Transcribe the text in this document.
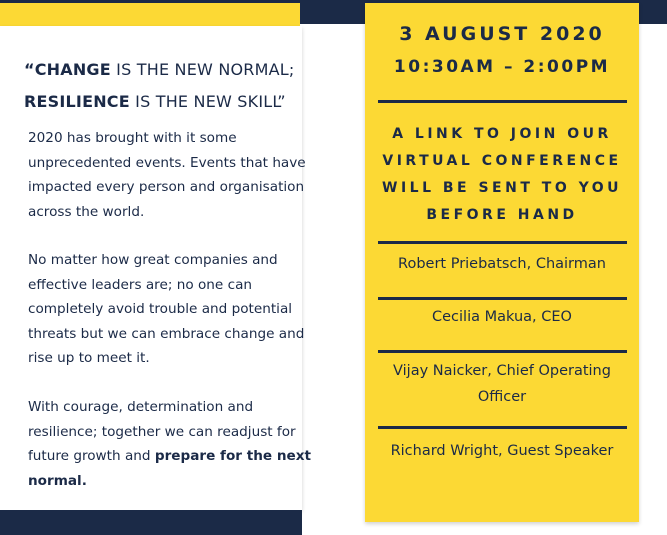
“CHANGE IS THE NEW NORMAL;
RESILIENCE IS THE NEW SKILL”
2020 has brought with it some unprecedented events. Events that have impacted every person and organisation across the world.
No matter how great companies and effective leaders are; no one can completely avoid trouble and potential threats but we can embrace change and rise up to meet it.
With courage, determination and resilience; together we can readjust for future growth and prepare for the next normal.
3 AUGUST 2020
10:30AM – 2:00PM
A LINK TO JOIN OUR VIRTUAL CONFERENCE WILL BE SENT TO YOU BEFORE HAND
Robert Priebatsch, Chairman
Cecilia Makua, CEO
Vijay Naicker, Chief Operating Officer
Richard Wright, Guest Speaker
